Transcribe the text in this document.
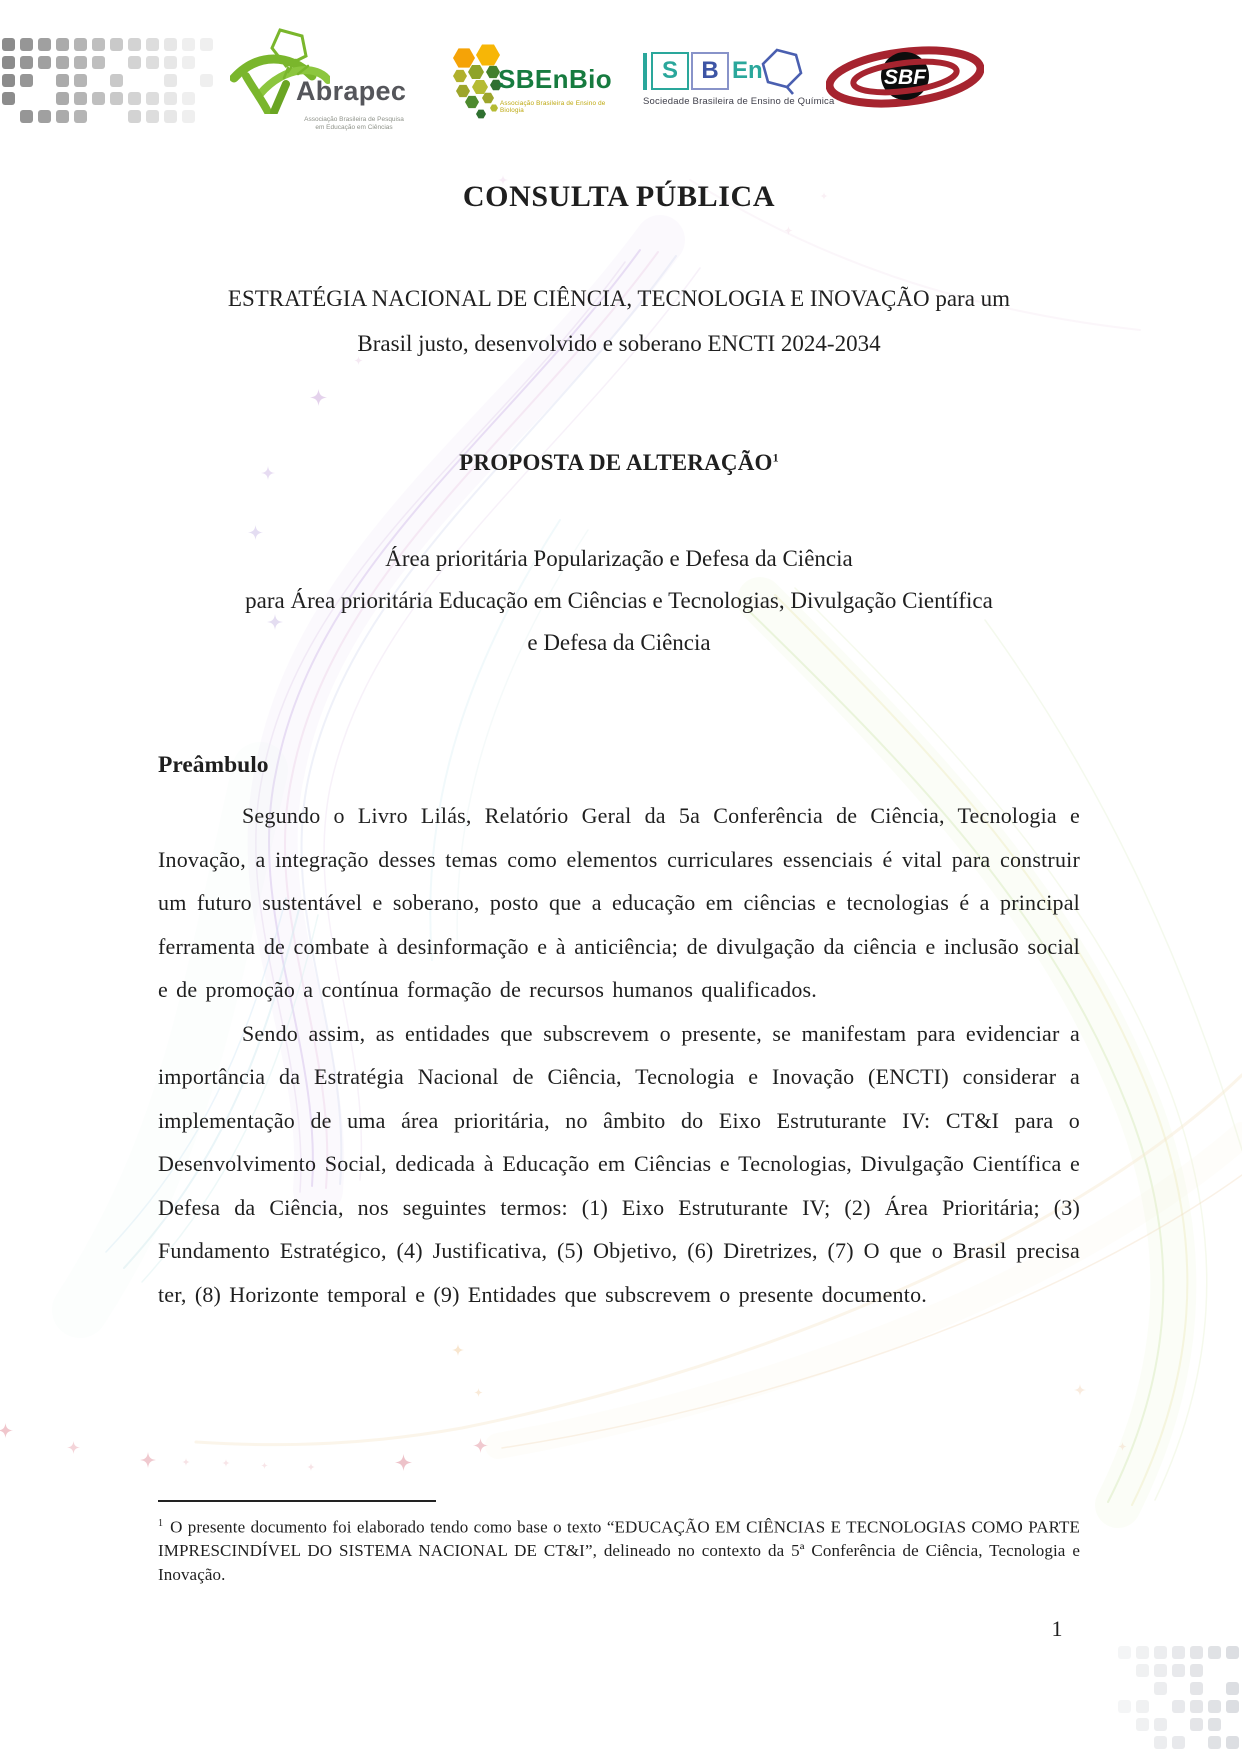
Abrapec
Associação Brasileira de Pesquisa
em Educação em Ciências
SBEnBio
Associação Brasileira de Ensino de Biologia
S B En
Sociedade Brasileira de Ensino de Química
SBF
CONSULTA PÚBLICA
ESTRATÉGIA NACIONAL DE CIÊNCIA, TECNOLOGIA E INOVAÇÃO para um
Brasil justo, desenvolvido e soberano ENCTI 2024-2034
PROPOSTA DE ALTERAÇÃO$^1$
Área prioritária Popularização e Defesa da Ciência
para Área prioritária Educação em Ciências e Tecnologias, Divulgação Científica
e Defesa da Ciência
Preâmbulo

Segundo o Livro Lilás, Relatório Geral da 5a Conferência de Ciência, Tecnologia e Inovação, a integração desses temas como elementos curriculares essenciais é vital para construir um futuro sustentável e soberano, posto que a educação em ciências e tecnologias é a principal ferramenta de combate à desinformação e à anticiência; de divulgação da ciência e inclusão social e de promoção a contínua formação de recursos humanos qualificados.

Sendo assim, as entidades que subscrevem o presente, se manifestam para evidenciar a importância da Estratégia Nacional de Ciência, Tecnologia e Inovação (ENCTI) considerar a implementação de uma área prioritária, no âmbito do Eixo Estruturante IV: CT&I para o Desenvolvimento Social, dedicada à Educação em Ciências e Tecnologias, Divulgação Científica e Defesa da Ciência, nos seguintes termos: (1) Eixo Estruturante IV; (2) Área Prioritária; (3) Fundamento Estratégico, (4) Justificativa, (5) Objetivo, (6) Diretrizes, (7) O que o Brasil precisa ter, (8) Horizonte temporal e (9) Entidades que subscrevem o presente documento.

$^1$ O presente documento foi elaborado tendo como base o texto “EDUCAÇÃO EM CIÊNCIAS E TECNOLOGIAS COMO PARTE IMPRESCINDÍVEL DO SISTEMA NACIONAL DE CT&I”, delineado no contexto da 5ª Conferência de Ciência, Tecnologia e Inovação.
1
